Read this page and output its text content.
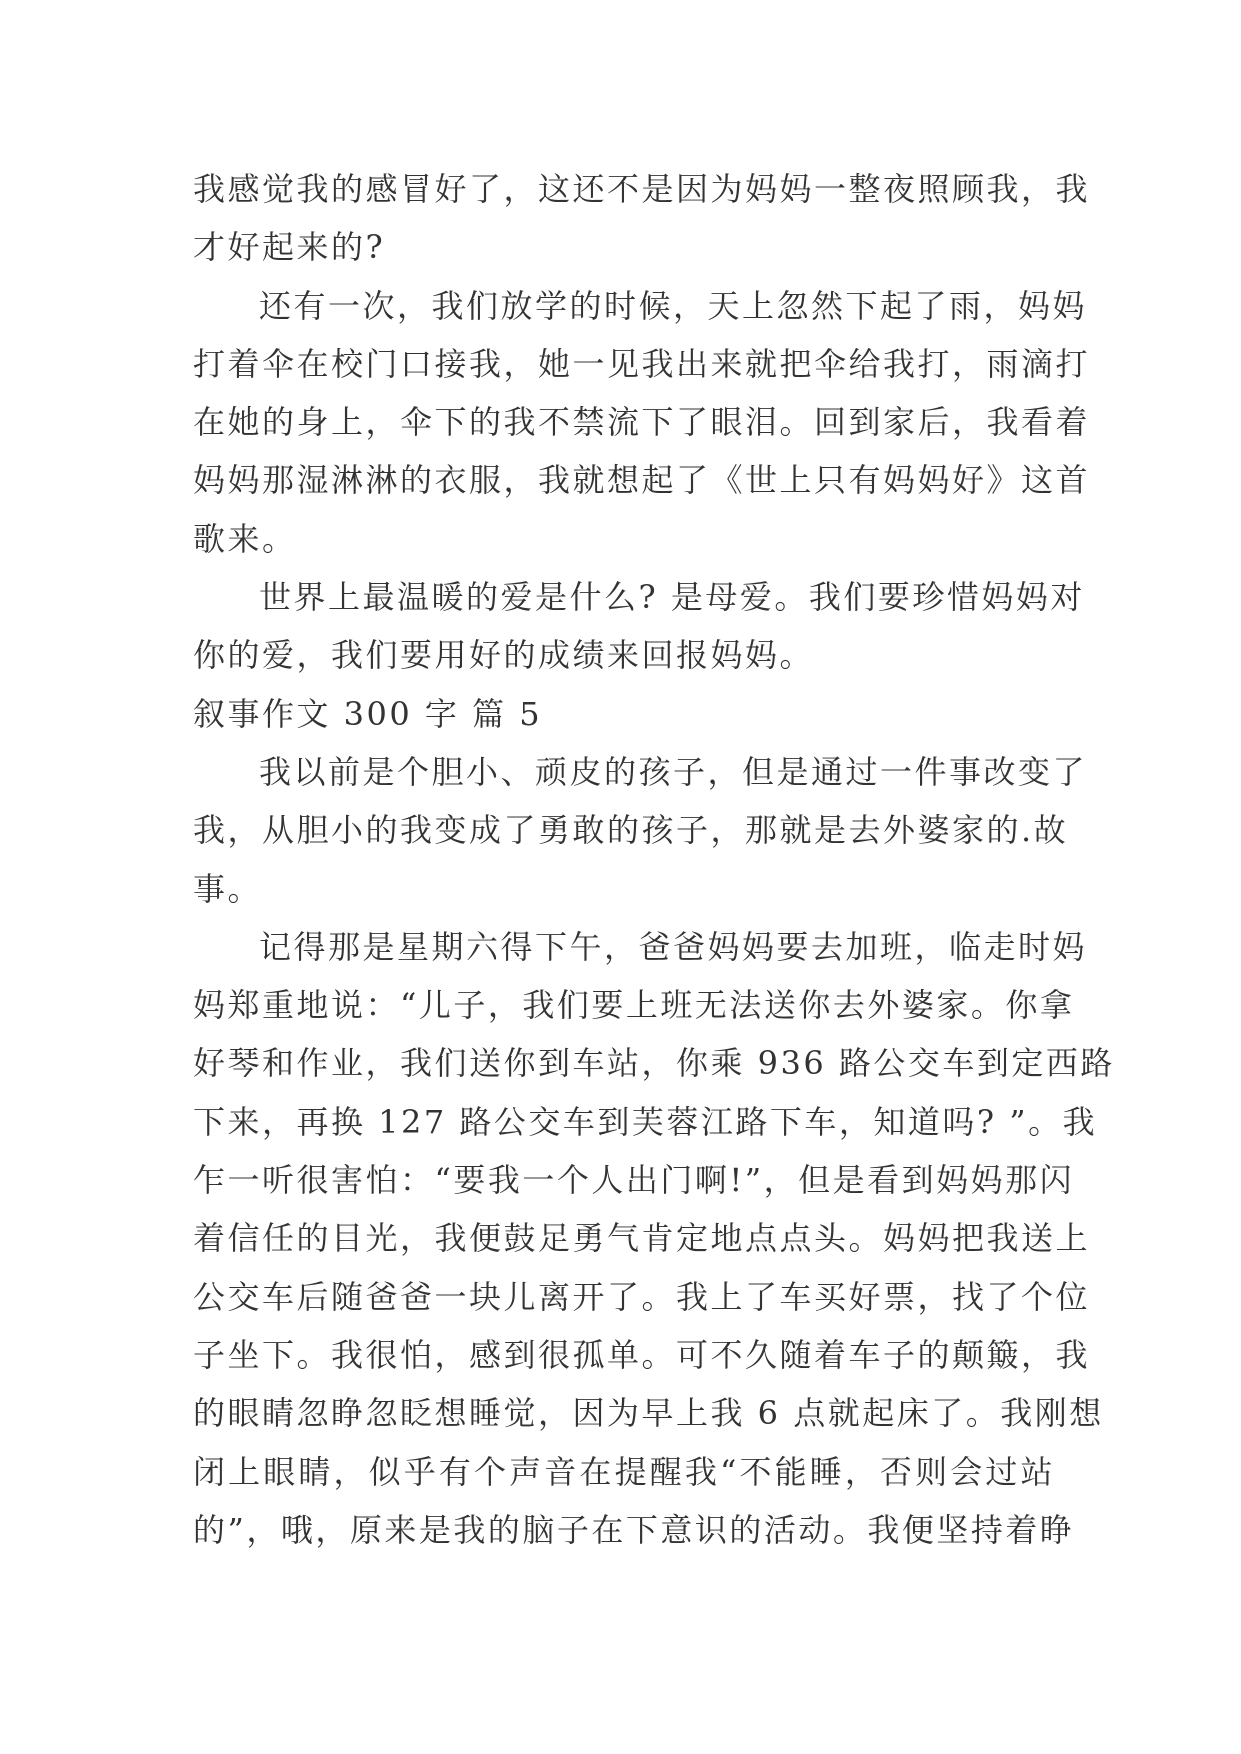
我感觉我的感冒好了，这还不是因为妈妈一整夜照顾我，我
才好起来的?
还有一次，我们放学的时候，天上忽然下起了雨，妈妈
打着伞在校门口接我，她一见我出来就把伞给我打，雨滴打
在她的身上，伞下的我不禁流下了眼泪。回到家后，我看着
妈妈那湿淋淋的衣服，我就想起了《世上只有妈妈好》这首
歌来。
世界上最温暖的爱是什么? 是母爱。我们要珍惜妈妈对
你的爱，我们要用好的成绩来回报妈妈。
叙事作文 300 字 篇 5
我以前是个胆小、顽皮的孩子，但是通过一件事改变了
我，从胆小的我变成了勇敢的孩子，那就是去外婆家的.故
事。
记得那是星期六得下午，爸爸妈妈要去加班，临走时妈
妈郑重地说：“儿子，我们要上班无法送你去外婆家。你拿
好琴和作业，我们送你到车站，你乘 936 路公交车到定西路
下来，再换 127 路公交车到芙蓉江路下车，知道吗? ”。我
乍一听很害怕：“要我一个人出门啊!”，但是看到妈妈那闪
着信任的目光，我便鼓足勇气肯定地点点头。妈妈把我送上
公交车后随爸爸一块儿离开了。我上了车买好票，找了个位
子坐下。我很怕，感到很孤单。可不久随着车子的颠簸，我
的眼睛忽睁忽眨想睡觉，因为早上我 6 点就起床了。我刚想
闭上眼睛，似乎有个声音在提醒我“不能睡，否则会过站
的”，哦，原来是我的脑子在下意识的活动。我便坚持着睁
